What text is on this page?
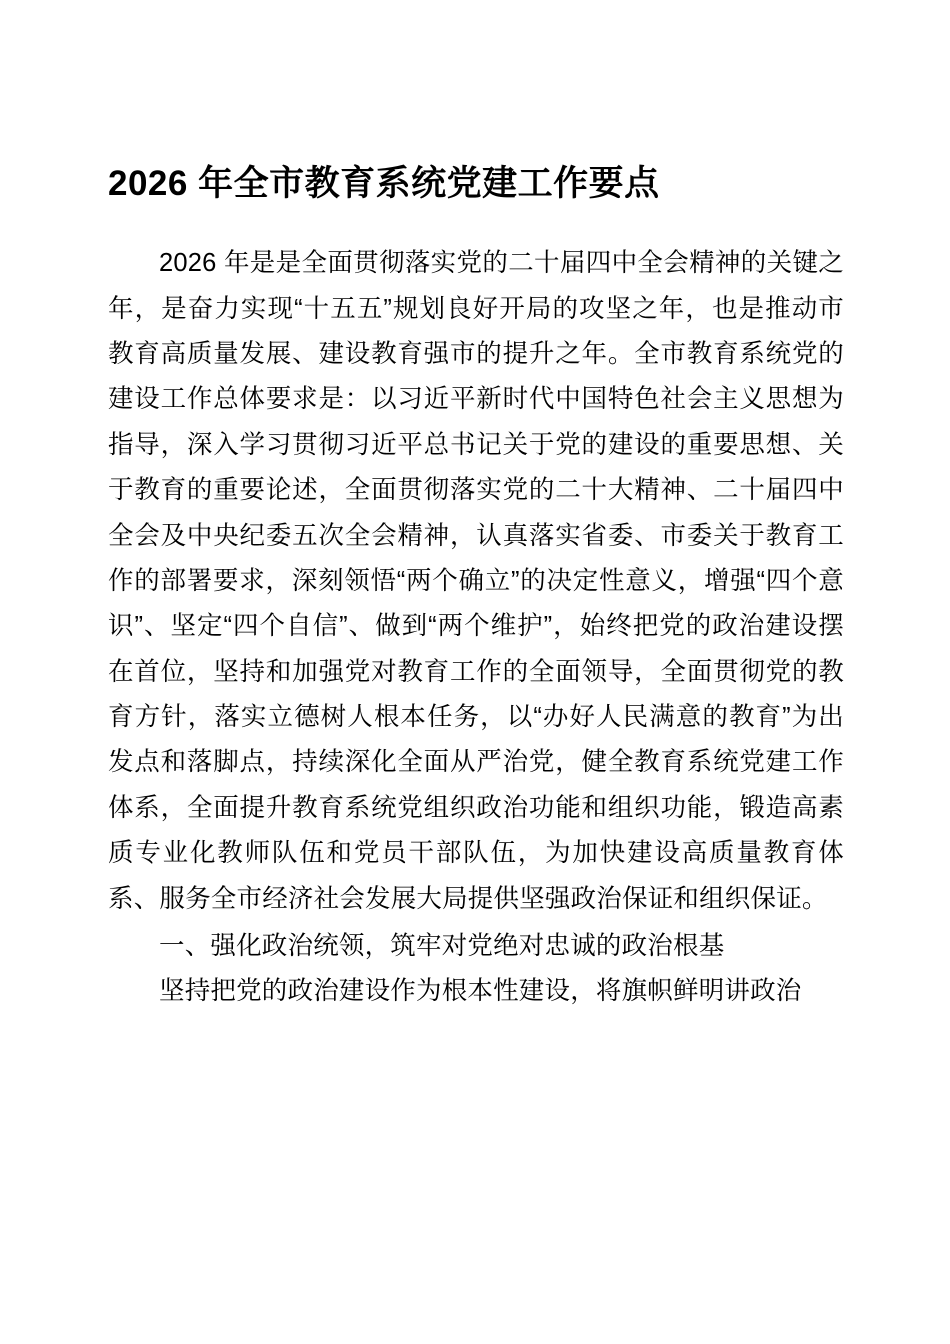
2026 年全市教育系统党建工作要点

2026 年是是全面贯彻落实党的二十届四中全会精神的关键之年，是奋力实现“十五五”规划良好开局的攻坚之年，也是推动市教育高质量发展、建设教育强市的提升之年。全市教育系统党的建设工作总体要求是：以习近平新时代中国特色社会主义思想为指导，深入学习贯彻习近平总书记关于党的建设的重要思想、关于教育的重要论述，全面贯彻落实党的二十大精神、二十届四中全会及中央纪委五次全会精神，认真落实省委、市委关于教育工作的部署要求，深刻领悟“两个确立”的决定性意义，增强“四个意识”、坚定“四个自信”、做到“两个维护”，始终把党的政治建设摆在首位，坚持和加强党对教育工作的全面领导，全面贯彻党的教育方针，落实立德树人根本任务，以“办好人民满意的教育”为出发点和落脚点，持续深化全面从严治党，健全教育系统党建工作体系，全面提升教育系统党组织政治功能和组织功能，锻造高素质专业化教师队伍和党员干部队伍，为加快建设高质量教育体系、服务全市经济社会发展大局提供坚强政治保证和组织保证。

一、强化政治统领，筑牢对党绝对忠诚的政治根基

坚持把党的政治建设作为根本性建设，将旗帜鲜明讲政治
